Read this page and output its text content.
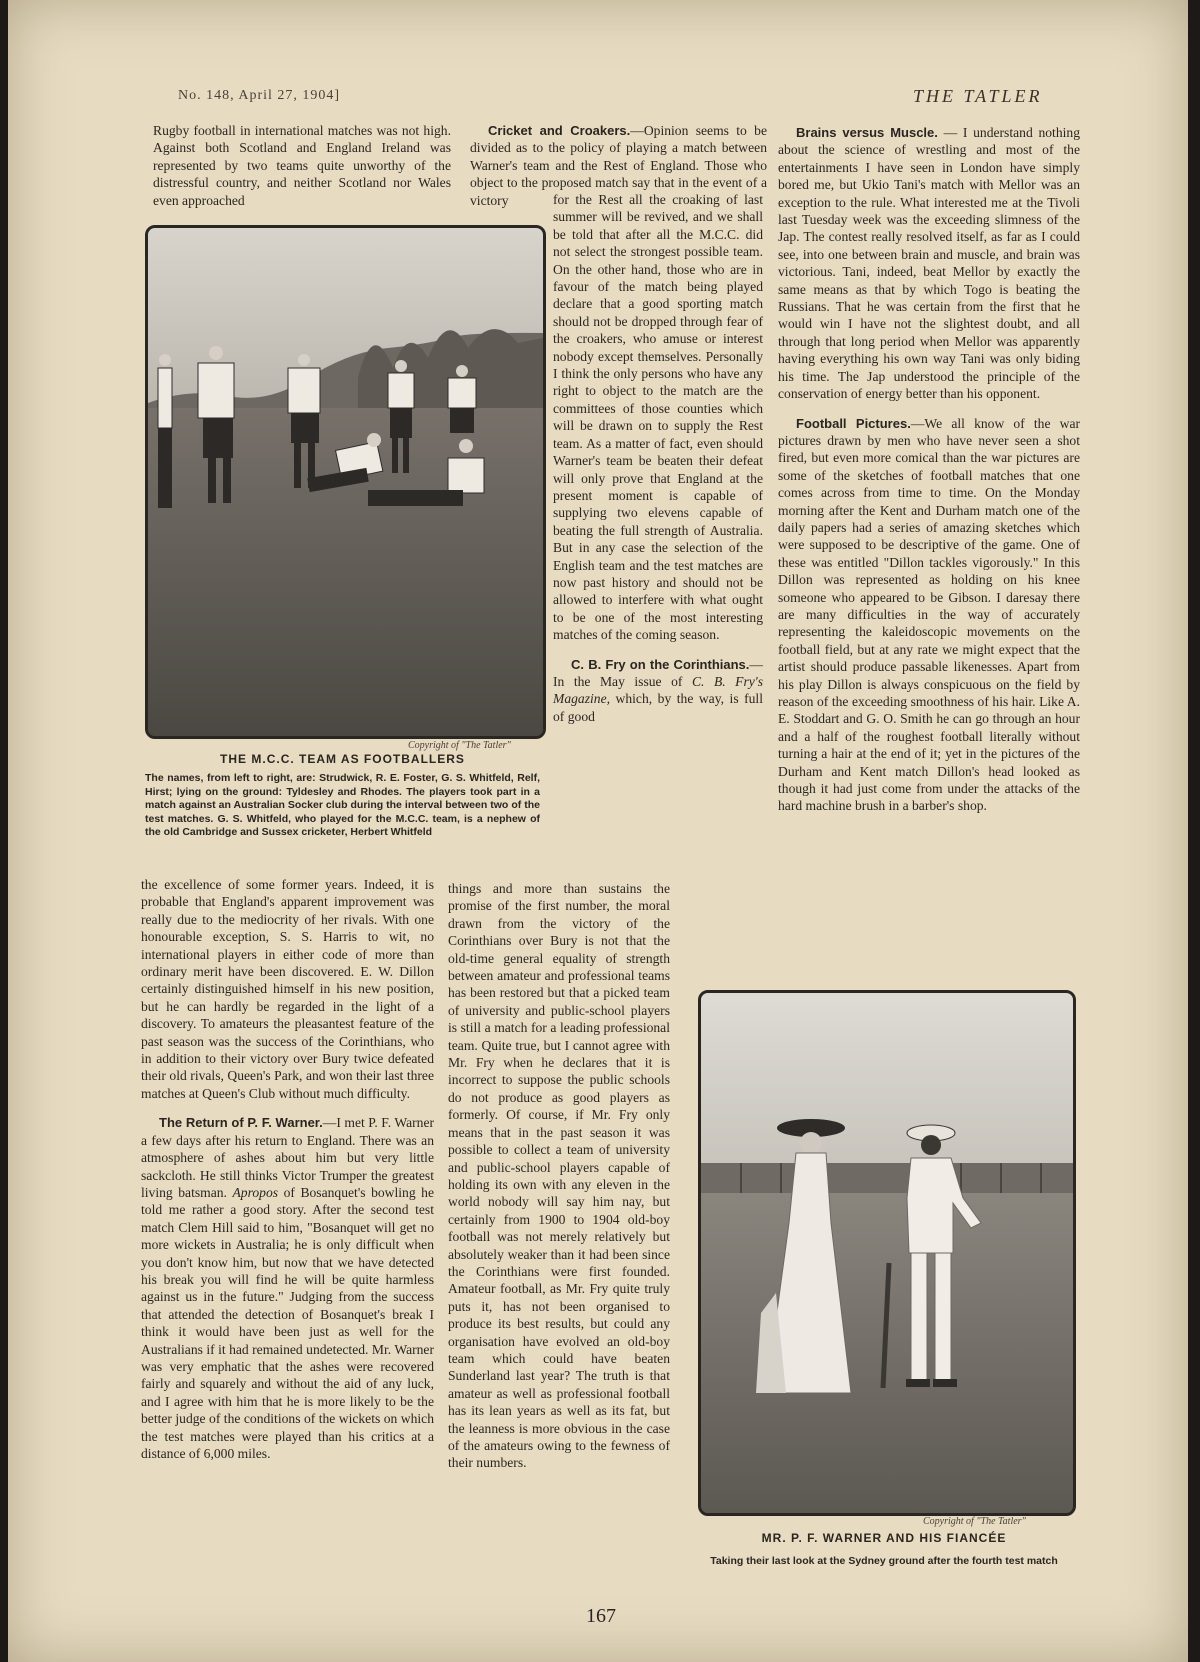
No. 148, April 27, 1904]	THE TATLER

Rugby football in international matches was not high. Against both Scotland and England Ireland was represented by two teams quite unworthy of the distressful country, and neither Scotland nor Wales even approached

Cricket and Croakers.—Opinion seems to be divided as to the policy of playing a match between Warner's team and the Rest of England. Those who object to the proposed match say that in the event of a victory

Copyright of "The Tatler"
THE M.C.C. TEAM AS FOOTBALLERS
The names, from left to right, are: Strudwick, R. E. Foster, G. S. Whitfeld, Relf, Hirst; lying on the ground: Tyldesley and Rhodes. The players took part in a match against an Australian Socker club during the interval between two of the test matches. G. S. Whitfeld, who played for the M.C.C. team, is a nephew of the old Cambridge and Sussex cricketer, Herbert Whitfeld

for the Rest all the croaking of last summer will be revived, and we shall be told that after all the M.C.C. did not select the strongest possible team. On the other hand, those who are in favour of the match being played declare that a good sporting match should not be dropped through fear of the croakers, who amuse or interest nobody except themselves. Personally I think the only persons who have any right to object to the match are the committees of those counties which will be drawn on to supply the Rest team. As a matter of fact, even should Warner's team be beaten their defeat will only prove that England at the present moment is capable of supplying two elevens capable of beating the full strength of Australia. But in any case the selection of the English team and the test matches are now past history and should not be allowed to interfere with what ought to be one of the most interesting matches of the coming season.

C. B. Fry on the Corinthians.—In the May issue of C. B. Fry's Magazine, which, by the way, is full of good

things and more than sustains the promise of the first number, the moral drawn from the victory of the Corinthians over Bury is not that the old-time general equality of strength between amateur and professional teams has been restored but that a picked team of university and public-school players is still a match for a leading professional team. Quite true, but I cannot agree with Mr. Fry when he declares that it is incorrect to suppose the public schools do not produce as good players as formerly. Of course, if Mr. Fry only means that in the past season it was possible to collect a team of university and public-school players capable of holding its own with any eleven in the world nobody will say him nay, but certainly from 1900 to 1904 old-boy football was not merely relatively but absolutely weaker than it had been since the Corinthians were first founded. Amateur football, as Mr. Fry quite truly puts it, has not been organised to produce its best results, but could any organisation have evolved an old-boy team which could have beaten Sunderland last year? The truth is that amateur as well as professional football has its lean years as well as its fat, but the leanness is more obvious in the case of the amateurs owing to the fewness of their numbers.

the excellence of some former years. Indeed, it is probable that England's apparent improvement was really due to the mediocrity of her rivals. With one honourable exception, S. S. Harris to wit, no international players in either code of more than ordinary merit have been discovered. E. W. Dillon certainly distinguished himself in his new position, but he can hardly be regarded in the light of a discovery. To amateurs the pleasantest feature of the past season was the success of the Corinthians, who in addition to their victory over Bury twice defeated their old rivals, Queen's Park, and won their last three matches at Queen's Club without much difficulty.

The Return of P. F. Warner.—I met P. F. Warner a few days after his return to England. There was an atmosphere of ashes about him but very little sackcloth. He still thinks Victor Trumper the greatest living batsman. Apropos of Bosanquet's bowling he told me rather a good story. After the second test match Clem Hill said to him, "Bosanquet will get no more wickets in Australia; he is only difficult when you don't know him, but now that we have detected his break you will find he will be quite harmless against us in the future." Judging from the success that attended the detection of Bosanquet's break I think it would have been just as well for the Australians if it had remained undetected. Mr. Warner was very emphatic that the ashes were recovered fairly and squarely and without the aid of any luck, and I agree with him that he is more likely to be the better judge of the conditions of the wickets on which the test matches were played than his critics at a distance of 6,000 miles.

Brains versus Muscle. — I understand nothing about the science of wrestling and most of the entertainments I have seen in London have simply bored me, but Ukio Tani's match with Mellor was an exception to the rule. What interested me at the Tivoli last Tuesday week was the exceeding slimness of the Jap. The contest really resolved itself, as far as I could see, into one between brain and muscle, and brain was victorious. Tani, indeed, beat Mellor by exactly the same means as that by which Togo is beating the Russians. That he was certain from the first that he would win I have not the slightest doubt, and all through that long period when Mellor was apparently having everything his own way Tani was only biding his time. The Jap understood the principle of the conservation of energy better than his opponent.

Football Pictures.—We all know of the war pictures drawn by men who have never seen a shot fired, but even more comical than the war pictures are some of the sketches of football matches that one comes across from time to time. On the Monday morning after the Kent and Durham match one of the daily papers had a series of amazing sketches which were supposed to be descriptive of the game. One of these was entitled "Dillon tackles vigorously." In this Dillon was represented as holding on his knee someone who appeared to be Gibson. I daresay there are many difficulties in the way of accurately representing the kaleidoscopic movements on the football field, but at any rate we might expect that the artist should produce passable likenesses. Apart from his play Dillon is always conspicuous on the field by reason of the exceeding smoothness of his hair. Like A. E. Stoddart and G. O. Smith he can go through an hour and a half of the roughest football literally without turning a hair at the end of it; yet in the pictures of the Durham and Kent match Dillon's head looked as though it had just come from under the attacks of the hard machine brush in a barber's shop.

Copyright of "The Tatler"
MR. P. F. WARNER AND HIS FIANCÉE
Taking their last look at the Sydney ground after the fourth test match
167
